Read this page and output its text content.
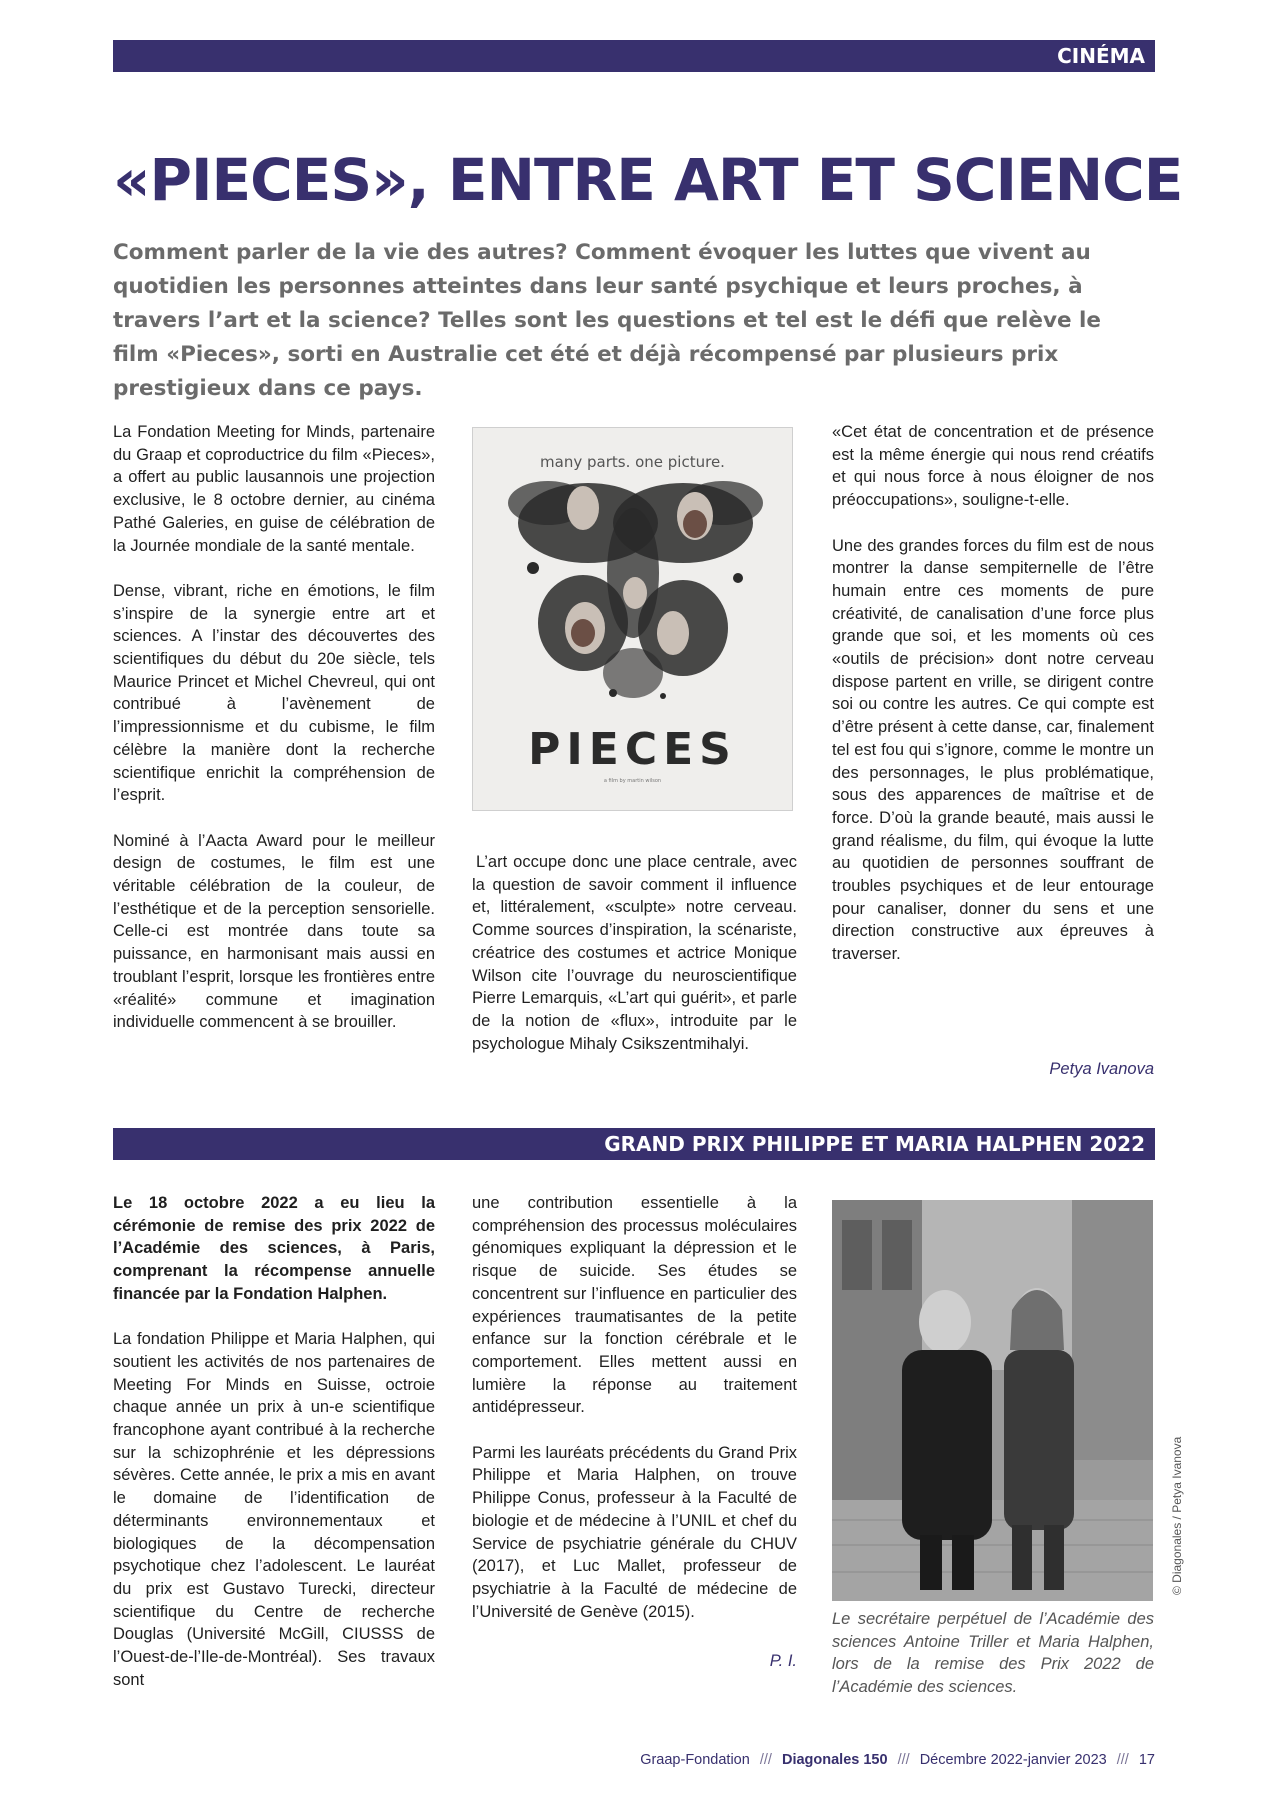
CINÉMA
«PIECES», ENTRE ART ET SCIENCE

Comment parler de la vie des autres? Comment évoquer les luttes que vivent au quotidien les personnes atteintes dans leur santé psychique et leurs proches, à travers l’art et la science? Telles sont les questions et tel est le défi que relève le film «Pieces», sorti en Australie cet été et déjà récompensé par plusieurs prix prestigieux dans ce pays.

La Fondation Meeting for Minds, partenaire du Graap et coproductrice du film «Pieces», a offert au public lausannois une projection exclusive, le 8 octobre dernier, au cinéma Pathé Galeries, en guise de célébration de la Journée mondiale de la santé mentale.

Dense, vibrant, riche en émotions, le film s’inspire de la synergie entre art et sciences. A l’instar des découvertes des scientifiques du début du 20e siècle, tels Maurice Princet et Michel Chevreul, qui ont contribué à l’avènement de l’impressionnisme et du cubisme, le film célèbre la manière dont la recherche scientifique enrichit la compréhension de l’esprit.

Nominé à l’Aacta Award pour le meilleur design de costumes, le film est une véritable célébration de la couleur, de l’esthétique et de la perception sensorielle. Celle-ci est montrée dans toute sa puissance, en harmonisant mais aussi en troublant l’esprit, lorsque les frontières entre «réalité» commune et imagination individuelle commencent à se brouiller.

many parts. one picture.
PIECES
a film by martin wilson

L’art occupe donc une place centrale, avec la question de savoir comment il influence et, littéralement, «sculpte» notre cerveau. Comme sources d’inspiration, la scénariste, créatrice des costumes et actrice Monique Wilson cite l’ouvrage du neuroscientifique Pierre Lemarquis, «L’art qui guérit», et parle de la notion de «flux», introduite par le psychologue Mihaly Csikszentmihalyi.

«Cet état de concentration et de présence est la même énergie qui nous rend créatifs et qui nous force à nous éloigner de nos préoccupations», souligne-t-elle.

Une des grandes forces du film est de nous montrer la danse sempiternelle de l’être humain entre ces moments de pure créativité, de canalisation d’une force plus grande que soi, et les moments où ces «outils de précision» dont notre cerveau dispose partent en vrille, se dirigent contre soi ou contre les autres. Ce qui compte est d’être présent à cette danse, car, finalement tel est fou qui s’ignore, comme le montre un des personnages, le plus problématique, sous des apparences de maîtrise et de force. D’où la grande beauté, mais aussi le grand réalisme, du film, qui évoque la lutte au quotidien de personnes souffrant de troubles psychiques et de leur entourage pour canaliser, donner du sens et une direction constructive aux épreuves à traverser.

Petya Ivanova
GRAND PRIX PHILIPPE ET MARIA HALPHEN 2022

Le 18 octobre 2022 a eu lieu la cérémonie de remise des prix 2022 de l’Académie des sciences, à Paris, comprenant la récompense annuelle financée par la Fondation Halphen.

La fondation Philippe et Maria Halphen, qui soutient les activités de nos partenaires de Meeting For Minds en Suisse, octroie chaque année un prix à un-e scientifique francophone ayant contribué à la recherche sur la schizophrénie et les dépressions sévères. Cette année, le prix a mis en avant le domaine de l’identification de déterminants environnementaux et biologiques de la décompensation psychotique chez l’adolescent. Le lauréat du prix est Gustavo Turecki, directeur scientifique du Centre de recherche Douglas (Université McGill, CIUSSS de l’Ouest-de-l’Ile-de-Montréal). Ses travaux sont

une contribution essentielle à la compréhension des processus moléculaires génomiques expliquant la dépression et le risque de suicide. Ses études se concentrent sur l’influence en particulier des expériences traumatisantes de la petite enfance sur la fonction cérébrale et le comportement. Elles mettent aussi en lumière la réponse au traitement antidépresseur.

Parmi les lauréats précédents du Grand Prix Philippe et Maria Halphen, on trouve Philippe Conus, professeur à la Faculté de biologie et de médecine à l’UNIL et chef du Service de psychiatrie générale du CHUV (2017), et Luc Mallet, professeur de psychiatrie à la Faculté de médecine de l’Université de Genève (2015).

P. I.
© Diagonales / Petya Ivanova

Le secrétaire perpétuel de l’Académie des sciences Antoine Triller et Maria Halphen, lors de la remise des Prix 2022 de l’Académie des sciences.

Graap-Fondation /// Diagonales 150 /// Décembre 2022-janvier 2023 /// 17
